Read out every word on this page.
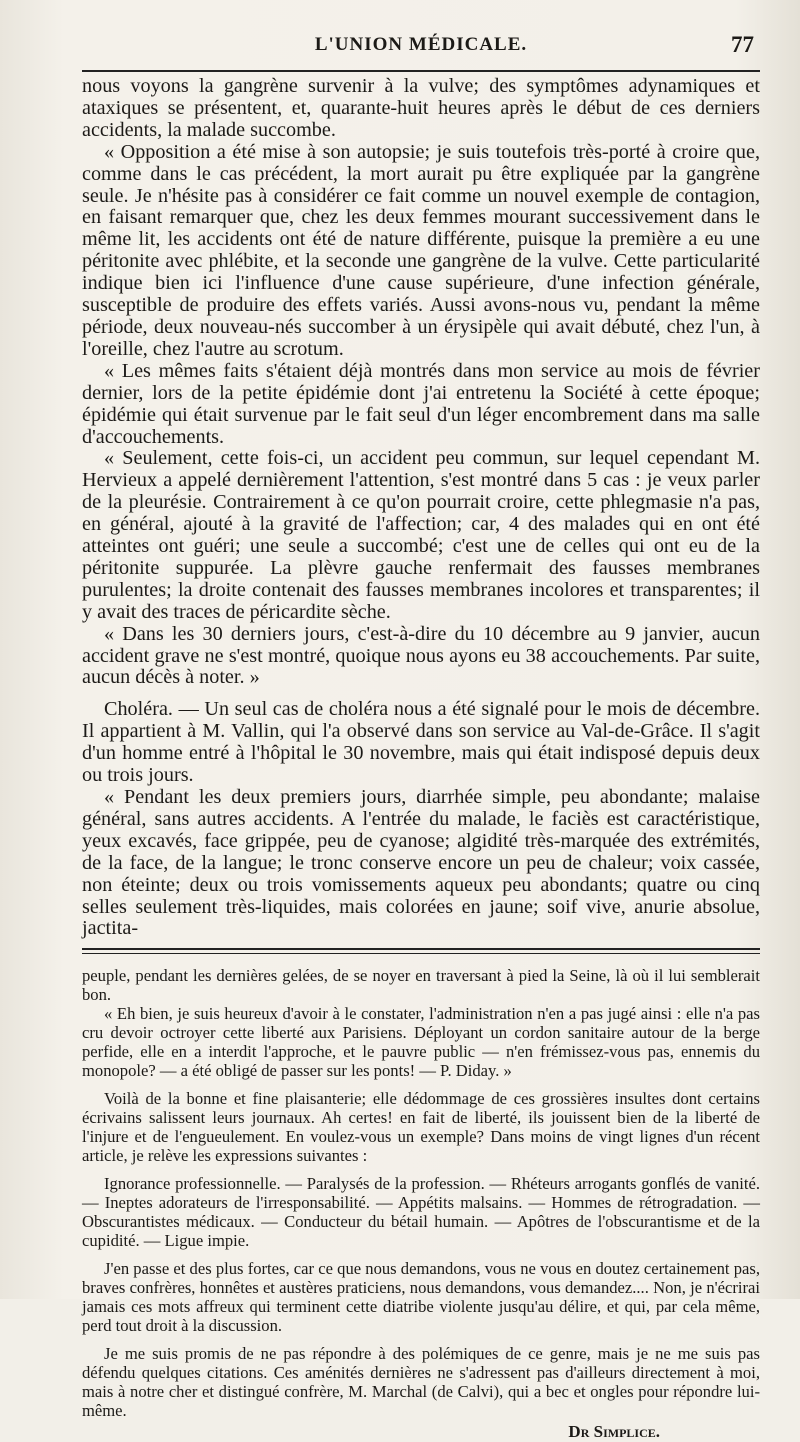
L'UNION MÉDICALE.	77

nous voyons la gangrène survenir à la vulve; des symptômes adynamiques et ataxiques se présentent, et, quarante-huit heures après le début de ces derniers accidents, la malade succombe.

« Opposition a été mise à son autopsie; je suis toutefois très-porté à croire que, comme dans le cas précédent, la mort aurait pu être expliquée par la gangrène seule. Je n'hésite pas à considérer ce fait comme un nouvel exemple de contagion, en faisant remarquer que, chez les deux femmes mourant successivement dans le même lit, les accidents ont été de nature différente, puisque la première a eu une péritonite avec phlébite, et la seconde une gangrène de la vulve. Cette particularité indique bien ici l'influence d'une cause supérieure, d'une infection générale, susceptible de produire des effets variés. Aussi avons-nous vu, pendant la même période, deux nouveau-nés succomber à un érysipèle qui avait débuté, chez l'un, à l'oreille, chez l'autre au scrotum.

« Les mêmes faits s'étaient déjà montrés dans mon service au mois de février dernier, lors de la petite épidémie dont j'ai entretenu la Société à cette époque; épidémie qui était survenue par le fait seul d'un léger encombrement dans ma salle d'accouchements.

« Seulement, cette fois-ci, un accident peu commun, sur lequel cependant M. Hervieux a appelé dernièrement l'attention, s'est montré dans 5 cas : je veux parler de la pleurésie. Contrairement à ce qu'on pourrait croire, cette phlegmasie n'a pas, en général, ajouté à la gravité de l'affection; car, 4 des malades qui en ont été atteintes ont guéri; une seule a succombé; c'est une de celles qui ont eu de la péritonite suppurée. La plèvre gauche renfermait des fausses membranes purulentes; la droite contenait des fausses membranes incolores et transparentes; il y avait des traces de péricardite sèche.

« Dans les 30 derniers jours, c'est-à-dire du 10 décembre au 9 janvier, aucun accident grave ne s'est montré, quoique nous ayons eu 38 accouchements. Par suite, aucun décès à noter. »

Choléra. — Un seul cas de choléra nous a été signalé pour le mois de décembre. Il appartient à M. Vallin, qui l'a observé dans son service au Val-de-Grâce. Il s'agit d'un homme entré à l'hôpital le 30 novembre, mais qui était indisposé depuis deux ou trois jours.

« Pendant les deux premiers jours, diarrhée simple, peu abondante; malaise général, sans autres accidents. A l'entrée du malade, le faciès est caractéristique, yeux excavés, face grippée, peu de cyanose; algidité très-marquée des extrémités, de la face, de la langue; le tronc conserve encore un peu de chaleur; voix cassée, non éteinte; deux ou trois vomissements aqueux peu abondants; quatre ou cinq selles seulement très-liquides, mais colorées en jaune; soif vive, anurie absolue, jactita-

peuple, pendant les dernières gelées, de se noyer en traversant à pied la Seine, là où il lui semblerait bon.

« Eh bien, je suis heureux d'avoir à le constater, l'administration n'en a pas jugé ainsi : elle n'a pas cru devoir octroyer cette liberté aux Parisiens. Déployant un cordon sanitaire autour de la berge perfide, elle en a interdit l'approche, et le pauvre public — n'en frémissez-vous pas, ennemis du monopole? — a été obligé de passer sur les ponts! — P. Diday. »

Voilà de la bonne et fine plaisanterie; elle dédommage de ces grossières insultes dont certains écrivains salissent leurs journaux. Ah certes! en fait de liberté, ils jouissent bien de la liberté de l'injure et de l'engueulement. En voulez-vous un exemple? Dans moins de vingt lignes d'un récent article, je relève les expressions suivantes :

Ignorance professionnelle. — Paralysés de la profession. — Rhéteurs arrogants gonflés de vanité. — Ineptes adorateurs de l'irresponsabilité. — Appétits malsains. — Hommes de rétrogradation. — Obscurantistes médicaux. — Conducteur du bétail humain. — Apôtres de l'obscurantisme et de la cupidité. — Ligue impie.

J'en passe et des plus fortes, car ce que nous demandons, vous ne vous en doutez certainement pas, braves confrères, honnêtes et austères praticiens, nous demandons, vous demandez.... Non, je n'écrirai jamais ces mots affreux qui terminent cette diatribe violente jusqu'au délire, et qui, par cela même, perd tout droit à la discussion.

Je me suis promis de ne pas répondre à des polémiques de ce genre, mais je ne me suis pas défendu quelques citations. Ces aménités dernières ne s'adressent pas d'ailleurs directement à moi, mais à notre cher et distingué confrère, M. Marchal (de Calvi), qui a bec et ongles pour répondre lui-même.

Dr Simplice.
